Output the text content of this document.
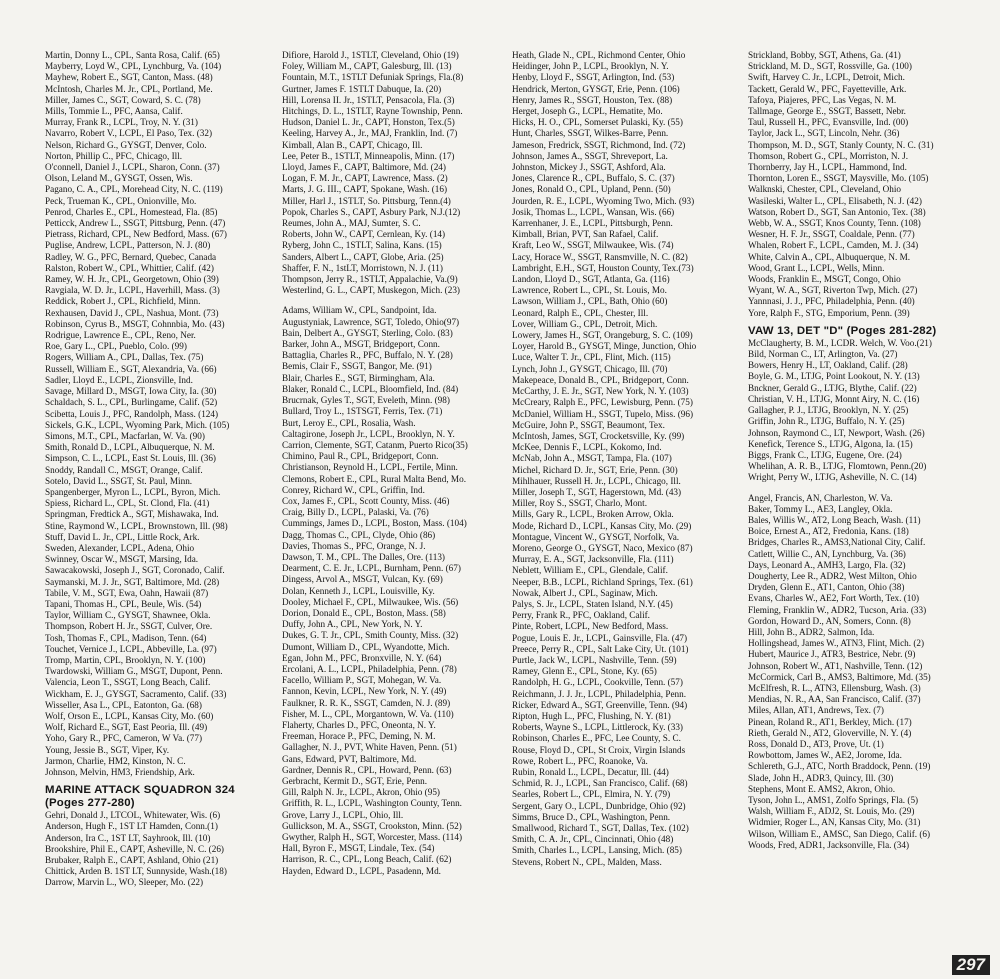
Martin, Donny L., CPL, Santa Rosa, Calif. (65)
Mayberry, Loyd W., CPL, Lynchburg, Va. (104)
Mayhew, Robert E., SGT, Canton, Mass. (48)
McIntosh, Charles M. Jr., CPL, Portland, Me.
Miller, James C., SGT, Coward, S. C. (78)
Mills, Tommie L., PFC, Aansa, Calif.
Murray, Frank R., LCPL, Troy, N. Y. (31)
Navarro, Robert V., LCPL, El Paso, Tex. (32)
Nelson, Richard G., GYSGT, Denver, Colo.
Norton, Phillip C., PFC, Chicago, Ill.
O'connell, Daniel J., LCPL, Sharon, Conn. (37)
Olson, Leland M., GYSGT, Ossen, Wis.
Pagano, C. A., CPL, Morehead City, N. C. (119)
Peck, Trueman K., CPL, Onionville, Mo.
Penrod, Charles E., CPL, Homestead, Fla. (85)
Petticck, Andrew L., SSGT, Pittsburg, Penn. (47)
Pietrass, Richard, CPL, New Bedford, Mass. (67)
Puglise, Andrew, LCPL, Patterson, N. J. (80)
Radley, W. G., PFC, Bernard, Quebec, Canada
Ralston, Robert W., CPL, Whittier, Calif. (42)
Ramey, W. H. Jr., CPL, Georgetown, Ohio (39)
Ravgiala, W. D. Jr., LCPL, Haverhill, Mass. (3)
Reddick, Robert J., CPL, Richfield, Minn.
Rexhausen, David J., CPL, Nashua, Mont. (73)
Robinson, Cyrus B., MSGT, Cohnnbia, Mo. (43)
Rodrigue, Lawrence E., CPL, Reno, Ner.
Roe, Gary L., CPL, Pueblo, Colo. (99)
Rogers, William A., CPL, Dallas, Tex. (75)
Russell, William E., SGT, Alexandria, Va. (66)
Sadler, Lloyd E., LCPL, Zionsville, Ind.
Savage, Millard D., MSGT, Iowa City, Ia. (30)
Schaldach, S. L., CPL, Burlingame, Calif. (52)
Scibetta, Louis J., PFC, Randolph, Mass. (124)
Sickels, G.K., LCPL, Wyoming Park, Mich. (105)
Simons, M.T., CPL, Macfarlan, W. Va. (90)
Smith, Ronald D., LCPL, Albuquerque, N. M.
Simpson, C. L., LCPL, East St. Louis, Ill. (36)
Snoddy, Randall C., MSGT, Orange, Calif.
Sotelo, David L., SSGT, St. Paul, Minn.
Spangenberger, Myron L., LCPL, Byron, Mich.
Spiess, Richard L., CPL, St. Clond, Fla. (41)
Springman, Fredtick A., SGT, Mishawaka, Ind.
Stine, Raymond W., LCPL, Brownstown, Ill. (98)
Stuff, David L. Jr., CPL, Little Rock, Ark.
Sweden, Alexander, LCPL, Adena, Ohio
Swinney, Oscar W., MSGT, Marsing, Ida.
Sawacakowski, Joseph J., SGT, Coronado, Calif.
Saymanski, M. J. Jr., SGT, Baltimore, Md. (28)
Tabile, V. M., SGT, Ewa, Oahn, Hawaii (87)
Tapani, Thomas H., CPL, Beule, Wis. (54)
Taylor, William C., GYSGT, Shawnee, Okla.
Thompson, Robert H. Jr., SSGT, Culver, Ore.
Tosh, Thomas F., CPL, Madison, Tenn. (64)
Touchet, Vernice J., LCPL, Abbeville, La. (97)
Tromp, Martin, CPL, Brooklyn, N. Y. (100)
Twardowski, William G., MSGT, Dupont, Penn.
Valencia, Leon T., SSGT, Long Beach, Calif.
Wickham, E. J., GYSGT, Sacramento, Calif. (33)
Wisseller, Asa L., CPL, Eatonton, Ga. (68)
Wolf, Orson E., LCPL, Kansas City, Mo. (60)
Wolf, Richard E., SGT, East Peoria, Ill. (49)
Yoho, Gary R., PFC, Cameron, W Va. (77)
Young, Jessie B., SGT, Viper, Ky.
Jarmon, Charlie, HM2, Kinston, N. C.
Johnson, Melvin, HM3, Friendship, Ark.
MARINE ATTACK SQUADRON 324
(Poges 277-280)
Gehri, Donald J., LTCOL, Whitewater, Wis. (6)
Anderson, Hugh F., 1ST LT Hamden, Conn.(1)
Anderson, Ira C., 1ST LT, Sayhrook, Ill. (10)
Brookshire, Phil E., CAPT, Asheville, N. C. (26)
Brubaker, Ralph E., CAPT, Ashland, Ohio (21)
Chittick, Arden B. 1ST LT, Sunnyside, Wash.(18)
Darrow, Marvin L., WO, Sleeper, Mo. (22)
Difiore, Harold J., 1STLT, Cleveland, Ohio (19)
Foley, William M., CAPT, Galesburg, Ill. (13)
Fountain, M.T., 1STLT Defuniak Springs, Fla.(8)
Gurtner, James F. 1STLT Dabuque, Ia. (20)
Hill, Lorensa II. Jr., 1STLT, Pensacola, Fla. (3)
Hitchings, D. L., 1STLT, Rayne Township, Penn.
Hudson, Daniel L. Jr., CAPT, Honston, Tex.(5)
Keeling, Harvey A., Jr., MAJ, Franklin, Ind. (7)
Kimball, Alan B., CAPT, Chicago, Ill.
Lee, Peter B., 1STLT, Minneapolis, Minn. (17)
Lloyd, James F., CAPT, Baltimore, Md. (24)
Logan, F. M. Jr., CAPT, Lawrence, Mass. (2)
Marts, J. G. III., CAPT, Spokane, Wash. (16)
Miller, Harl J., 1STLT, So. Pittsburg, Tenn.(4)
Popok, Charles S., CAPT, Asbury Park, N.J.(12)
Reumes, John A., MAJ, Sumter, S. C.
Roberts, John W., CAPT, Cernlean, Ky. (14)
Ryberg, John C., 1STLT, Salina, Kans. (15)
Sanders, Albert L., CAPT, Globe, Aria. (25)
Shaffer, F. N., 1stLT, Morristown, N. J. (11)
Thompson, Jerry R., 1STLT, Appalachie, Va.(9)
Westerlind, G. L., CAPT, Muskegon, Mich. (23)
Adams, William W., CPL, Sandpoint, Ida.
Augustyniak, Lawrence, SGT, Toledo, Ohio(97)
Bain, Delbert A., GYSGT, Sterling, Colo. (83)
Barker, John A., MSGT, Bridgeport, Conn.
Battaglia, Charles R., PFC, Buffalo, N. Y. (28)
Bemis, Clair F., SSGT, Bangor, Me. (91)
Blair, Charles E., SGT, Birmingham, Ala.
Blaker, Ronald C., LCPL, Bloomfield, Ind. (84)
Brucrnak, Gyles T., SGT, Eveleth, Minn. (98)
Bullard, Troy L., 1STSGT, Ferris, Tex. (71)
Burt, Leroy E., CPL, Rosalia, Wash.
Caltagirone, Joseph Jr., LCPL, Brooklyn, N. Y.
Carrion, Clemente, SGT, Catanm, Puerto Rico(35)
Chimino, Paul R., CPL, Bridgeport, Conn.
Christianson, Reynold H., LCPL, Fertile, Minn.
Clemons, Robert E., CPL, Rural Malta Bend, Mo.
Conrey, Richard W., CPL, Griffin, Ind.
Cox, James F., CPL, Scott County, Miss. (46)
Craig, Billy D., LCPL, Palaski, Va. (76)
Cummings, James D., LCPL, Boston, Mass. (104)
Dagg, Thomas C., CPL, Clyde, Ohio (86)
Davies, Thomas S., PFC, Orange, N. J.
Dawson, T. M., CPL. The Dalles, Ore. (113)
Dearment, C. E. Jr., LCPL, Burnham, Penn. (67)
Dingess, Arvol A., MSGT, Vulcan, Ky. (69)
Dolan, Kenneth J., LCPL, Louisville, Ky.
Dooley, Michael F., CPL, Milwaukee, Wis. (56)
Dorion, Donald E., CPL, Boston, Mass. (58)
Duffy, John A., CPL, New York, N. Y.
Dukes, G. T. Jr., CPL, Smith County, Miss. (32)
Dumont, William D., CPL, Wyandotte, Mich.
Egan, John M., PFC, Bronxville, N. Y. (64)
Ercolani, A. L., LCPL, Philadelphia, Penn. (78)
Facello, William P., SGT, Mohegan, W. Va.
Fannon, Kevin, LCPL, New York, N. Y. (49)
Faulkner, R. R. K., SSGT, Camden, N. J. (89)
Fisher, M. L., CPL, Morgantown, W. Va. (110)
Flaherty, Charles D., PFC, Oneonta, N. Y.
Freeman, Horace P., PFC, Deming, N. M.
Gallagher, N. J., PVT, White Haven, Penn. (51)
Gans, Edward, PVT, Baltimore, Md.
Gardner, Dennis R., CPL, Howard, Penn. (63)
Gerbracht, Kermit D., SGT, Erie, Penn.
Gill, Ralph N. Jr., LCPL, Akron, Ohio (95)
Griffith, R. L., LCPL, Washington County, Tenn.
Grove, Larry J., LCPL, Ohio, Ill.
Gullickson, M. A., SSGT, Crookston, Minn. (52)
Gwyther, Ralph H., SGT, Worcester, Mass. (114)
Hall, Byron F., MSGT, Lindale, Tex. (54)
Harrison, R. C., CPL, Long Beach, Calif. (62)
Hayden, Edward D., LCPL, Pasadenn, Md.
Heath, Glade N., CPL, Richmond Center, Ohio
Heidinger, John P., LCPL, Brooklyn, N. Y.
Henby, Lloyd F., SSGT, Arlington, Ind. (53)
Hendrick, Merton, GYSGT, Erie, Penn. (106)
Henry, James R., SSGT, Houston, Tex. (88)
Herget, Joseph G., LCPL, Hematite, Mo.
Hicks, H. O., CPL, Somerset Pulaski, Ky. (55)
Hunt, Charles, SSGT, Wilkes-Barre, Penn.
Jameson, Fredrick, SSGT, Richmond, Ind. (72)
Johnson, James A., SSGT, Shreveport, La.
Johnston, Mickey J., SSGT, Ashford, Ala.
Jones, Clarence R., CPL, Buffalo, S. C. (37)
Jones, Ronald O., CPL, Upland, Penn. (50)
Jourden, R. E., LCPL, Wyoming Two, Mich. (93)
Josik, Thomas L., LCPL, Wansan, Wis. (66)
Karrenhaner, J. E., LCPL, Pittsburgh, Penn.
Kimball, Brian, PVT, San Rafael, Calif.
Kraft, Leo W., SSGT, Milwaukee, Wis. (74)
Lacy, Horace W., SSGT, Ransmville, N. C. (82)
Lambright, E.H., SGT, Houston County, Tex.(73)
Landon, Lloyd D., SGT, Atlanta, Ga. (116)
Lawrence, Robert L., CPL, St. Louis, Mo.
Lawson, William J., CPL, Bath, Ohio (60)
Leonard, Ralph E., CPL, Chester, Ill.
Lover, William G., CPL, Detroit, Mich.
Lowery, James H., SGT, Orangeburg, S. C. (109)
Loyer, Harold B., GYSGT, Minge, Junction, Ohio
Luce, Walter T. Jr., CPL, Flint, Mich. (115)
Lynch, John J., GYSGT, Chicago, Ill. (70)
Makepeace, Donald B., CPL, Bridgeport, Conn.
McCarthy, J. E. Jr., SGT, New York, N. Y. (103)
McCreary, Ralph E., PFC, Lewisburg, Penn. (75)
McDaniel, William H., SSGT, Tupelo, Miss. (96)
McGuire, John P., SSGT, Beaumont, Tex.
McIntosh, James, SGT, Crocketsville, Ky. (99)
McKee, Dennis F., LCPL, Kokomo, Ind.
McNab, John A., MSGT, Tampa, Fla. (107)
Michel, Richard D. Jr., SGT, Erie, Penn. (30)
Mihlhauer, Russell H. Jr., LCPL, Chicago, Ill.
Miller, Joseph T., SGT, Hagerstown, Md. (43)
Miller, Roy S., SSGT, Charlo, Mont.
Mills, Gary R., LCPL, Broken Arrow, Okla.
Mode, Richard D., LCPL, Kansas City, Mo. (29)
Montague, Vincent W., GYSGT, Norfolk, Va.
Moreno, George O., GYSGT, Naco, Mexico (87)
Murray, E. A., SGT, Jacksonville, Fla. (111)
Neblett, William E., CPL, Glendale, Calif.
Neeper, B.B., LCPL, Richland Springs, Tex. (61)
Nowak, Albert J., CPL, Saginaw, Mich.
Palys, S. Jr., LCPL, Staten Island, N.Y. (45)
Perry, Frank R., PFC, Oakland, Calif.
Pinte, Robert, LCPL, New Bedford, Mass.
Pogue, Louis E. Jr., LCPL, Gainsville, Fla. (47)
Preece, Perry R., CPL, Salt Lake City, Ut. (101)
Purtle, Jack W., LCPL, Nashville, Tenn. (59)
Ramey, Glenn E., CPL, Stone, Ky. (65)
Randolph, H. G., LCPL, Cookville, Tenn. (57)
Reichmann, J. J. Jr., LCPL, Philadelphia, Penn.
Ricker, Edward A., SGT, Greenville, Tenn. (94)
Ripton, Hugh L., PFC, Flushing, N. Y. (81)
Roberts, Wayne S., LCPL, Littlerock, Ky. (33)
Robinson, Charles E., PFC, Lee County, S. C.
Rouse, Floyd D., CPL, St Croix, Virgin Islands
Rowe, Robert L., PFC, Roanoke, Va.
Rubin, Ronald L., LCPL, Decatur, Ill. (44)
Schmid, R. J., LCPL, San Francisco, Calif. (68)
Searles, Robert L., CPL, Elmira, N. Y. (79)
Sergent, Gary O., LCPL, Dunbridge, Ohio (92)
Simms, Bruce D., CPL, Washington, Penn.
Smallwood, Richard T., SGT, Dallas, Tex. (102)
Smith, C. A. Jr., CPL, Cincinnati, Ohio (48)
Smith, Charles L., LCPL, Lansing, Mich. (85)
Stevens, Robert N., CPL, Malden, Mass.
Strickland, Bobby, SGT, Athens, Ga. (41)
Strickland, M. D., SGT, Rossville, Ga. (100)
Swift, Harvey C. Jr., LCPL, Detroit, Mich.
Tackett, Gerald W., PFC, Fayetteville, Ark.
Tafoya, Piajeres, PFC, Las Vegas, N. M.
Tallmage, George E., SSGT, Bassett, Nebr.
Taul, Russell H., PFC, Evansville, Ind. (00)
Taylor, Jack L., SGT, Lincoln, Nehr. (36)
Thompson, M. D., SGT, Stanly County, N. C. (31)
Thomson, Robert G., CPL, Morriston, N. J.
Thornberry, Jay H., LCPL, Hammond, Ind.
Thornton, Loren E., SSGT, Maysville, Mo. (105)
Walknski, Chester, CPL, Cleveland, Ohio
Wasileski, Walter L., CPL, Elisabeth, N. J. (42)
Watson, Robert D., SGT, San Antonio, Tex. (38)
Webb, W. A., SSGT, Knos County, Tenn. (108)
Wesner, H. F. Jr., SSGT, Coaldale, Penn. (77)
Whalen, Robert F., LCPL, Camden, M. J. (34)
White, Calvin A., CPL, Albuquerque, N. M.
Wood, Grant L., LCPL, Wells, Minn.
Woods, Franklin E., MSGT, Congo, Ohio
Wyant, W. A., SGT, Riverton Twp, Mich. (27)
Yannnasi, J. J., PFC, Philadelphia, Penn. (40)
Yore, Ralph F., STG, Emporium, Penn. (39)
VAW 13, DET "D" (Poges 281-282)
McClaugherty, B. M., LCDR. Welch, W. Voo.(21)
Bild, Norman C., LT, Arlington, Va. (27)
Bowers, Henry H., LT, Oakland, Calif. (28)
Boyle, G. M., LTJG, Point Lookout, N. Y. (13)
Bnckner, Gerald G., LTJG, Blythe, Calif. (22)
Christian, V. H., LTJG, Monnt Airy, N. C. (16)
Gallagher, P. J., LTJG, Brooklyn, N. Y. (25)
Griffin, John R., LTJG, Buffalo, N. Y. (25)
Johnson, Raymond C., LT, Newport, Wash. (26)
Kenefick, Terence S., LTJG, Algona, Ia. (15)
Biggs, Frank C., LTJG, Eugene, Ore. (24)
Whelihan, A. R. B., LTJG, Flomtown, Penn.(20)
Wright, Perry W., LTJG, Asheville, N. C. (14)
Angel, Francis, AN, Charleston, W. Va.
Baker, Tommy L., AE3, Langley, Okla.
Bales, Willis W., AT2, Long Beach, Wash. (11)
Boice, Ernest A., AT2, Fredonia, Kans. (18)
Bridges, Charles R., AMS3,National City, Calif.
Catlett, Willie C., AN, Lynchburg, Va. (36)
Days, Leonard A., AMH3, Largo, Fla. (32)
Dougherty, Lee R., ADR2, West Milton, Ohio
Dryden, Glenn E., AT1, Canton, Ohio (38)
Evans, Charles W., AE2, Fort Worth, Tex. (10)
Fleming, Franklin W., ADR2, Tucson, Aria. (33)
Gordon, Howard D., AN, Somers, Conn. (8)
Hill, John B., ADR2, Salmon, Ida.
Hollingshead, James W., ATN3, Flint, Mich. (2)
Hubert, Maurice J., ATR3, Bestrice, Nebr. (9)
Johnson, Robert W., AT1, Nashville, Tenn. (12)
McCormick, Carl B., AMS3, Baltimore, Md. (35)
McElfresh, R. L., ATN3, Ellensburg, Wash. (3)
Mendias, N. R., AA, San Francisco, Calif. (37)
Miles, Allan, AT1, Andrews, Tex. (7)
Pinean, Roland R., AT1, Berkley, Mich. (17)
Rieth, Gerald N., AT2, Gloverville, N. Y. (4)
Ross, Donald D., AT3, Prove, Ut. (1)
Rowbottom, James W., AE2, Jorome, Ida.
Schlereth, G.J., ATC, North Braddock, Penn. (19)
Slade, John H., ADR3, Quincy, Ill. (30)
Stephens, Mont E. AMS2, Akron, Ohio.
Tyson, John L., AMS1, Zolfo Springs, Fla. (5)
Walsh, William F., ADJ2, St. Louis, Mo. (29)
Widmier, Roger L., AN, Kansas City, Mo. (31)
Wilson, William E., AMSC, San Diego, Calif. (6)
Woods, Fred, ADR1, Jacksonville, Fla. (34)
297
